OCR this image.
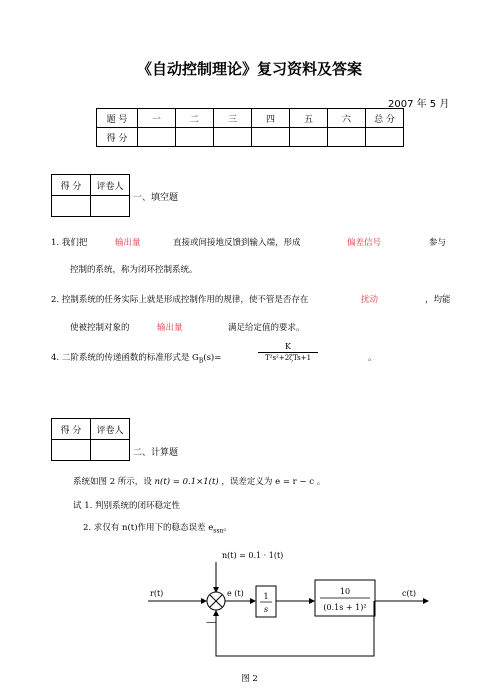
《自动控制理论》复习资料及答案
2007 年 5 月
题 号	一	二	三	四	五	六	总 分
得 分							
得 分	评卷人

一、填空题
1. 我们把	输出量	直接或间接地反馈到输入端，形成	偏差信号	参与
控制的系统，称为闭环控制系统。
2. 控制系统的任务实际上就是形成控制作用的规律，使不管是否存在	扰动	，均能
使被控制对象的	输出量	满足给定值的要求。
4. 二阶系统的传递函数的标准形式是 $G_B(s)=$
K
T²s²+2ζTs+1	。
得 分	评卷人

二、计算题
系统如图 2 所示，设 n(t) = 0.1×1(t) ，误差定义为 e = r − c 。
试 1. 判别系统的闭环稳定性
2. 求仅有 n(t)作用下的稳态误差 $e_{ssn}$。
n(t) = 0.1 · 1(t)
r(t)	e (t) 1
s
10
(0.1s + 1)²
c(t)
—
图 2
